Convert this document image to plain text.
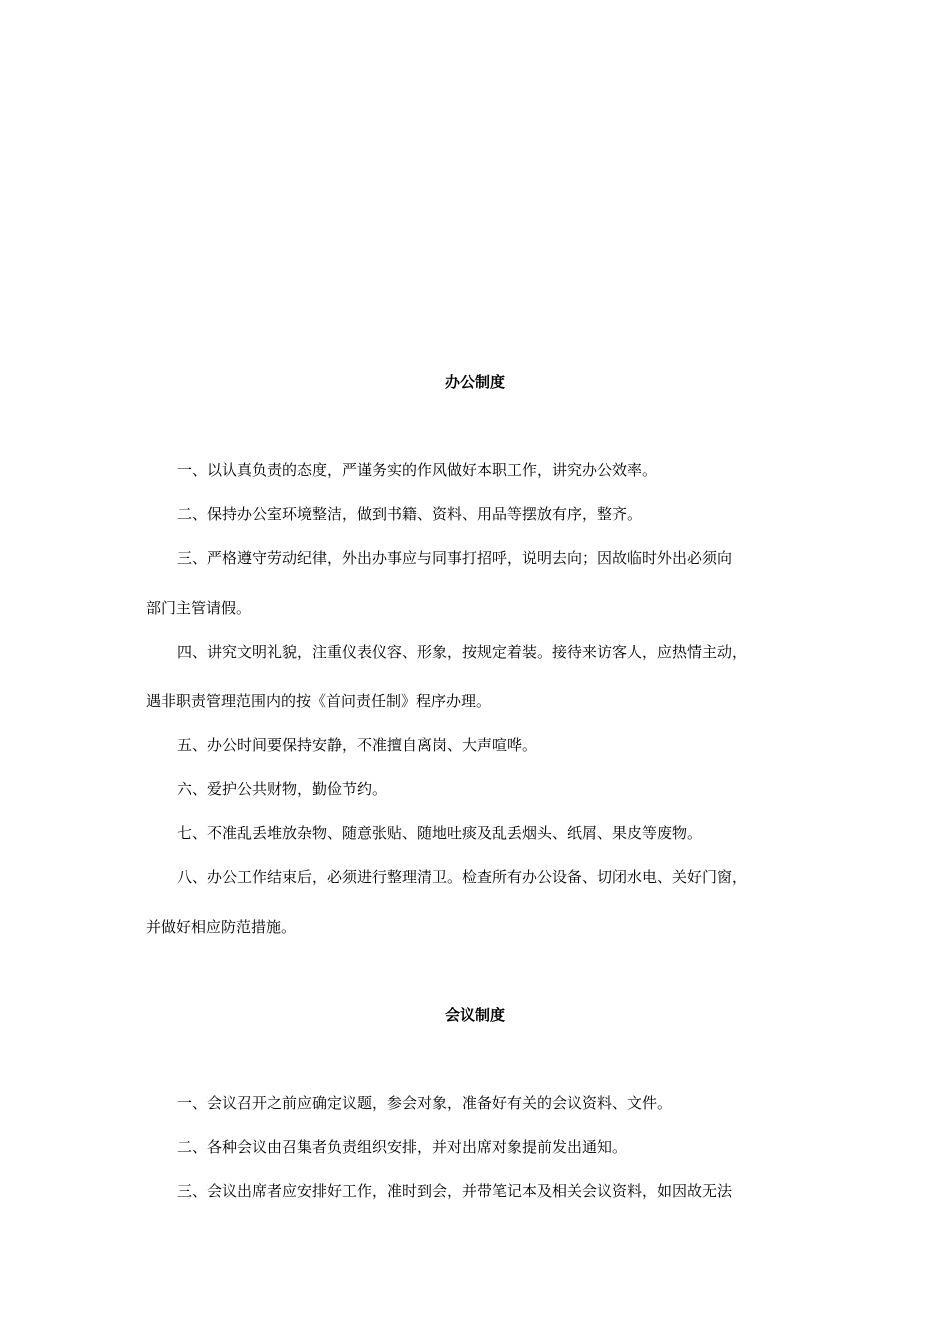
办公制度

一、以认真负责的态度，严谨务实的作风做好本职工作，讲究办公效率。

二、保持办公室环境整洁，做到书籍、资料、用品等摆放有序，整齐。

三、严格遵守劳动纪律，外出办事应与同事打招呼，说明去向；因故临时外出必须向

部门主管请假。

四、讲究文明礼貌，注重仪表仪容、形象，按规定着装。接待来访客人，应热情主动，

遇非职责管理范围内的按《首问责任制》程序办理。

五、办公时间要保持安静，不准擅自离岗、大声喧哗。

六、爱护公共财物，勤俭节约。

七、不准乱丢堆放杂物、随意张贴、随地吐痰及乱丢烟头、纸屑、果皮等废物。

八、办公工作结束后，必须进行整理清卫。检查所有办公设备、切闭水电、关好门窗，

并做好相应防范措施。

会议制度

一、会议召开之前应确定议题，参会对象，准备好有关的会议资料、文件。

二、各种会议由召集者负责组织安排，并对出席对象提前发出通知。

三、会议出席者应安排好工作，准时到会，并带笔记本及相关会议资料，如因故无法
